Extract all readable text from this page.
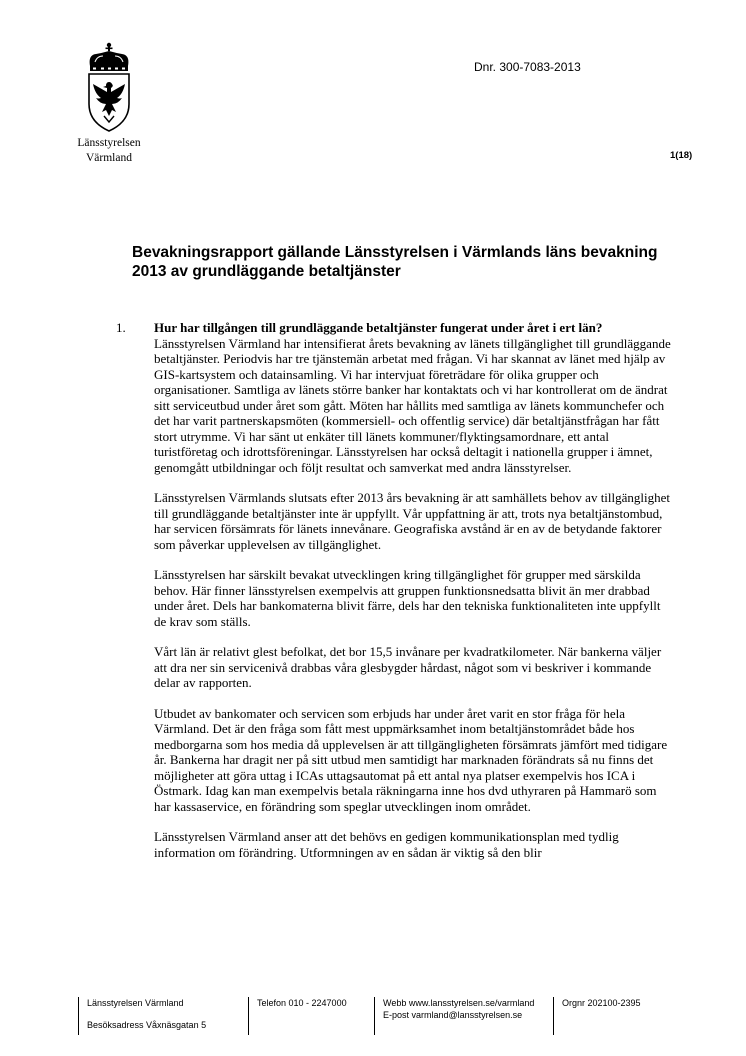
Länsstyrelsen
Värmland
Dnr. 300-7083-2013
1(18)
Bevakningsrapport gällande Länsstyrelsen i Värmlands läns bevakning 2013 av grundläggande betaltjänster
1. Hur har tillgången till grundläggande betaltjänster fungerat under året i ert län?

Länsstyrelsen Värmland har intensifierat årets bevakning av länets tillgänglighet till grundläggande betaltjänster. Periodvis har tre tjänstemän arbetat med frågan. Vi har skannat av länet med hjälp av GIS-kartsystem och datainsamling. Vi har intervjuat företrädare för olika grupper och organisationer. Samtliga av länets större banker har kontaktats och vi har kontrollerat om de ändrat sitt serviceutbud under året som gått. Möten har hållits med samtliga av länets kommunchefer och det har varit partnerskapsmöten (kommersiell- och offentlig service) där betaltjänstfrågan har fått stort utrymme. Vi har sänt ut enkäter till länets kommuner/flyktingsamordnare, ett antal turistföretag och idrottsföreningar. Länsstyrelsen har också deltagit i nationella grupper i ämnet, genomgått utbildningar och följt resultat och samverkat med andra länsstyrelser.

Länsstyrelsen Värmlands slutsats efter 2013 års bevakning är att samhällets behov av tillgänglighet till grundläggande betaltjänster inte är uppfyllt. Vår uppfattning är att, trots nya betaltjänstombud, har servicen försämrats för länets innevånare. Geografiska avstånd är en av de betydande faktorer som påverkar upplevelsen av tillgänglighet.

Länsstyrelsen har särskilt bevakat utvecklingen kring tillgänglighet för grupper med särskilda behov. Här finner länsstyrelsen exempelvis att gruppen funktionsnedsatta blivit än mer drabbad under året. Dels har bankomaterna blivit färre, dels har den tekniska funktionaliteten inte uppfyllt de krav som ställs.

Vårt län är relativt glest befolkat, det bor 15,5 invånare per kvadratkilometer. När bankerna väljer att dra ner sin servicenivå drabbas våra glesbygder hårdast, något som vi beskriver i kommande delar av rapporten.

Utbudet av bankomater och servicen som erbjuds har under året varit en stor fråga för hela Värmland. Det är den fråga som fått mest uppmärksamhet inom betaltjänstområdet både hos medborgarna som hos media då upplevelsen är att tillgängligheten försämrats jämfört med tidigare år. Bankerna har dragit ner på sitt utbud men samtidigt har marknaden förändrats så nu finns det möjligheter att göra uttag i ICAs uttagsautomat på ett antal nya platser exempelvis hos ICA i Östmark. Idag kan man exempelvis betala räkningarna inne hos dvd uthyraren på Hammarö som har kassaservice, en förändring som speglar utvecklingen inom området.

Länsstyrelsen Värmland anser att det behövs en gedigen kommunikationsplan med tydlig information om förändring. Utformningen av en sådan är viktig så den blir

Länsstyrelsen Värmland
Besöksadress Våxnäsgatan 5
Telefon 010 - 2247000	Webb www.lansstyrelsen.se/varmland
E-post varmland@lansstyrelsen.se
Orgnr 202100-2395
